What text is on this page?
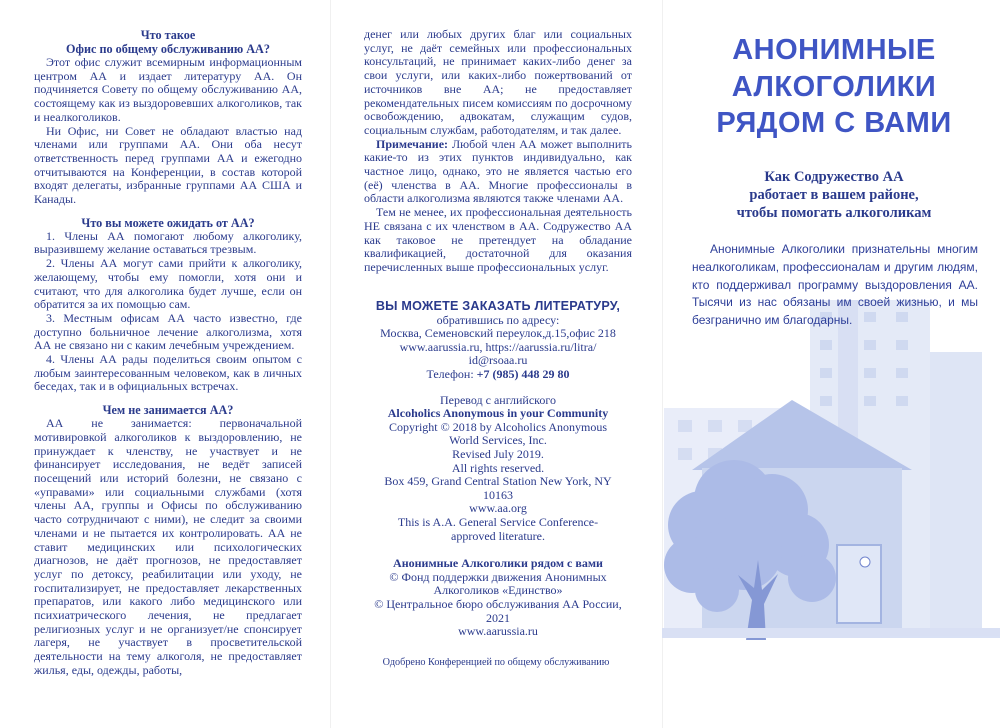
Что такое

Офис по общему обслуживанию АА?

Этот офис служит всемирным информационным центром АА и издает литературу АА. Он подчиняется Совету по общему обслуживанию АА, состоящему как из выздоровевших алкоголиков, так и неалкоголиков.

Ни Офис, ни Совет не обладают властью над членами или группами АА. Они оба несут ответственность перед группами АА и ежегодно отчитываются на Конференции, в состав которой входят делегаты, избранные группами АА США и Канады.

Что вы можете ожидать от АА?

1. Члены АА помогают любому алкоголику, выразившему желание оставаться трезвым.

2. Члены АА могут сами прийти к алкоголику, желающему, чтобы ему помогли, хотя они и считают, что для алкоголика будет лучше, если он обратится за их помощью сам.

3. Местным офисам АА часто известно, где доступно больничное лечение алкоголизма, хотя АА не связано ни с каким лечебным учреждением.

4. Члены АА рады поделиться своим опытом с любым заинтересованным человеком, как в личных беседах, так и в официальных встречах.

Чем не занимается АА?

АА не занимается: первоначальной мотивировкой алкоголиков к выздоровлению, не принуждает к членству, не участвует и не финансирует исследования, не ведёт записей посещений или историй болезни, не связано с «управами» или социальными службами (хотя члены АА, группы и Офисы по обслуживанию часто сотрудничают с ними), не следит за своими членами и не пытается их контролировать. АА не ставит медицинских или психологических диагнозов, не даёт прогнозов, не предоставляет услуг по детоксу, реабилитации или уходу, не госпитализирует, не предоставляет лекарственных препаратов, или какого либо медицинского или психиатрического лечения, не предлагает религиозных услуг и не организует/не спонсирует лагеря, не участвует в просветительской деятельности на тему алкоголя, не предоставляет жилья, еды, одежды, работы,

денег или любых других благ или социальных услуг, не даёт семейных или профессиональных консультаций, не принимает каких-либо денег за свои услуги, или каких-либо пожертвований от источников вне АА; не предоставляет рекомендательных писем комиссиям по досрочному освобождению, адвокатам, служащим судов, социальным службам, работодателям, и так далее.

Примечание: Любой член АА может выполнить какие-то из этих пунктов индивидуально, как частное лицо, однако, это не является частью его (её) членства в АА. Многие профессионалы в области алкоголизма являются также членами АА.

Тем не менее, их профессиональная деятельность НЕ связана с их членством в АА. Содружество АА как таковое не претендует на обладание квалификацией, достаточной для оказания перечисленных выше профессиональных услуг.

ВЫ МОЖЕТЕ ЗАКАЗАТЬ ЛИТЕРАТУРУ,

обратившись по адресу:

Москва, Семеновский переулок,д.15,офис 218

www.aarussia.ru, https://aarussia.ru/litra/

id@rsoaa.ru

Телефон: +7 (985) 448 29 80

Перевод с английского

Alcoholics Anonymous in your Community

Copyright © 2018 by Alcoholics Anonymous

World Services, Inc.

Revised July 2019.

All rights reserved.

Box 459, Grand Central Station New York, NY

10163

www.aa.org

This is A.A. General Service Conference-

approved literature.

Анонимные Алкоголики рядом с вами

© Фонд поддержки движения Анонимных

Алкоголиков «Единство»

© Центральное бюро обслуживания АА России, 2021

www.aarussia.ru

Одобрено Конференцией по общему обслуживанию
АНОНИМНЫЕ
АЛКОГОЛИКИ
РЯДОМ С ВАМИ
Как Содружество АА
работает в вашем районе,
чтобы помогать алкоголикам
Анонимные Алкоголики признательны многим неалкоголикам, профессионалам и другим людям, кто поддерживал программу выздоровления АА. Тысячи из нас обязаны им своей жизнью, и мы безгранично им благодарны.
